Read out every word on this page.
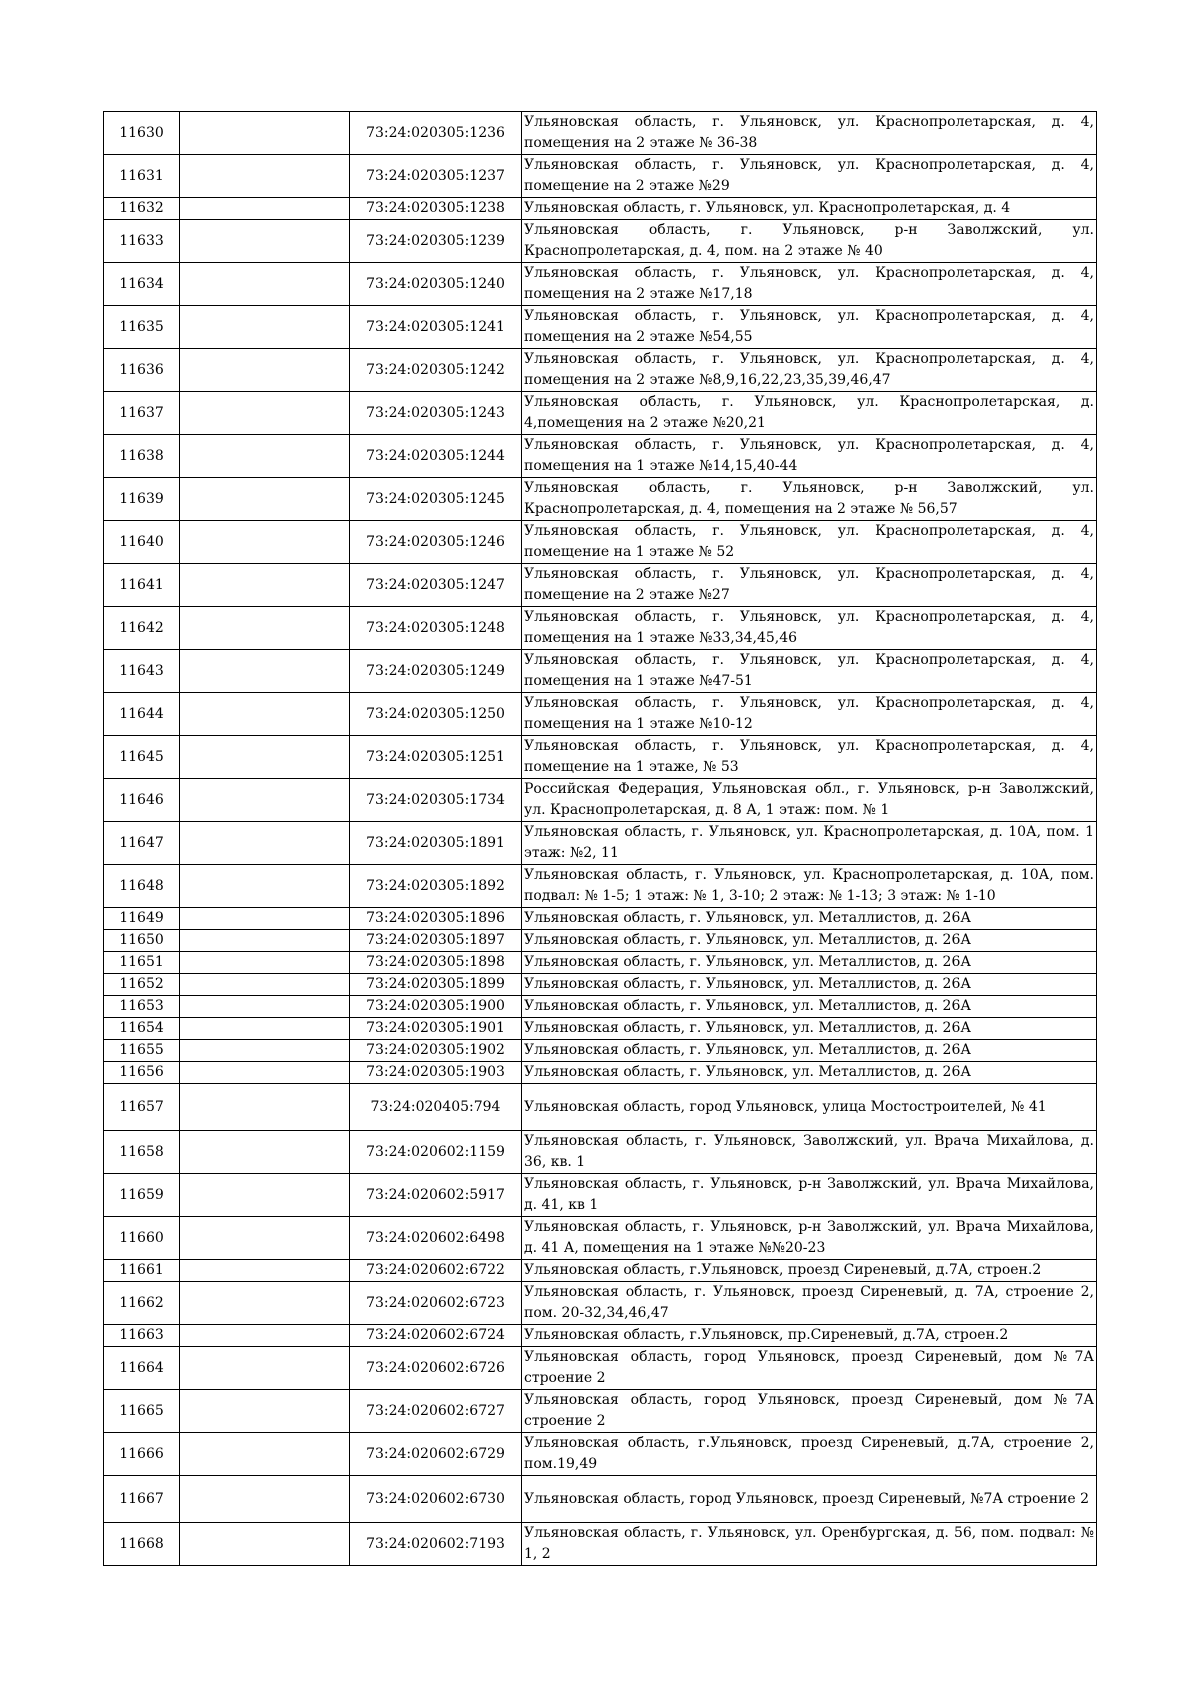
11630		73:24:020305:1236	Ульяновская область, г. Ульяновск, ул. Краснопролетарская, д. 4, помещения на 2 этаже № 36-38
11631		73:24:020305:1237	Ульяновская область, г. Ульяновск, ул. Краснопролетарская, д. 4, помещение на 2 этаже №29
11632		73:24:020305:1238	Ульяновская область, г. Ульяновск, ул. Краснопролетарская, д. 4
11633		73:24:020305:1239	Ульяновская область, г. Ульяновск, р-н Заволжский, ул. Краснопролетарская, д. 4, пом. на 2 этаже № 40
11634		73:24:020305:1240	Ульяновская область, г. Ульяновск, ул. Краснопролетарская, д. 4, помещения на 2 этаже №17,18
11635		73:24:020305:1241	Ульяновская область, г. Ульяновск, ул. Краснопролетарская, д. 4, помещения на 2 этаже №54,55
11636		73:24:020305:1242	Ульяновская область, г. Ульяновск, ул. Краснопролетарская, д. 4, помещения на 2 этаже №8,9,16,22,23,35,39,46,47
11637		73:24:020305:1243	Ульяновская область, г. Ульяновск, ул. Краснопролетарская, д. 4,помещения на 2 этаже №20,21
11638		73:24:020305:1244	Ульяновская область, г. Ульяновск, ул. Краснопролетарская, д. 4, помещения на 1 этаже №14,15,40-44
11639		73:24:020305:1245	Ульяновская область, г. Ульяновск, р-н Заволжский, ул. Краснопролетарская, д. 4, помещения на 2 этаже № 56,57
11640		73:24:020305:1246	Ульяновская область, г. Ульяновск, ул. Краснопролетарская, д. 4, помещение на 1 этаже № 52
11641		73:24:020305:1247	Ульяновская область, г. Ульяновск, ул. Краснопролетарская, д. 4, помещение на 2 этаже №27
11642		73:24:020305:1248	Ульяновская область, г. Ульяновск, ул. Краснопролетарская, д. 4, помещения на 1 этаже №33,34,45,46
11643		73:24:020305:1249	Ульяновская область, г. Ульяновск, ул. Краснопролетарская, д. 4, помещения на 1 этаже №47-51
11644		73:24:020305:1250	Ульяновская область, г. Ульяновск, ул. Краснопролетарская, д. 4, помещения на 1 этаже №10-12
11645		73:24:020305:1251	Ульяновская область, г. Ульяновск, ул. Краснопролетарская, д. 4, помещение на 1 этаже, № 53
11646		73:24:020305:1734	Российская Федерация, Ульяновская обл., г. Ульяновск, р-н Заволжский, ул. Краснопролетарская, д. 8 А, 1 этаж: пом. № 1
11647		73:24:020305:1891	Ульяновская область, г. Ульяновск, ул. Краснопролетарская, д. 10А, пом. 1 этаж: №2, 11
11648		73:24:020305:1892	Ульяновская область, г. Ульяновск, ул. Краснопролетарская, д. 10А, пом. подвал: № 1-5; 1 этаж: № 1, 3-10; 2 этаж: № 1-13; 3 этаж: № 1-10
11649		73:24:020305:1896	Ульяновская область, г. Ульяновск, ул. Металлистов, д. 26А
11650		73:24:020305:1897	Ульяновская область, г. Ульяновск, ул. Металлистов, д. 26А
11651		73:24:020305:1898	Ульяновская область, г. Ульяновск, ул. Металлистов, д. 26А
11652		73:24:020305:1899	Ульяновская область, г. Ульяновск, ул. Металлистов, д. 26А
11653		73:24:020305:1900	Ульяновская область, г. Ульяновск, ул. Металлистов, д. 26А
11654		73:24:020305:1901	Ульяновская область, г. Ульяновск, ул. Металлистов, д. 26А
11655		73:24:020305:1902	Ульяновская область, г. Ульяновск, ул. Металлистов, д. 26А
11656		73:24:020305:1903	Ульяновская область, г. Ульяновск, ул. Металлистов, д. 26А
11657		73:24:020405:794	Ульяновская область, город Ульяновск, улица Мостостроителей, № 41
11658		73:24:020602:1159	Ульяновская область, г. Ульяновск, Заволжский, ул. Врача Михайлова, д. 36, кв. 1
11659		73:24:020602:5917	Ульяновская область, г. Ульяновск, р-н Заволжский, ул. Врача Михайлова, д. 41, кв 1
11660		73:24:020602:6498	Ульяновская область, г. Ульяновск, р-н Заволжский, ул. Врача Михайлова, д. 41 А, помещения на 1 этаже №№20-23
11661		73:24:020602:6722	Ульяновская область, г.Ульяновск, проезд Сиреневый, д.7А, строен.2
11662		73:24:020602:6723	Ульяновская область, г. Ульяновск, проезд Сиреневый, д. 7А, строение 2, пом. 20-32,34,46,47
11663		73:24:020602:6724	Ульяновская область, г.Ульяновск, пр.Сиреневый, д.7А, строен.2
11664		73:24:020602:6726	Ульяновская область, город Ульяновск, проезд Сиреневый, дом №7А строение 2
11665		73:24:020602:6727	Ульяновская область, город Ульяновск, проезд Сиреневый, дом №7А строение 2
11666		73:24:020602:6729	Ульяновская область, г.Ульяновск, проезд Сиреневый, д.7А, строение 2, пом.19,49
11667		73:24:020602:6730	Ульяновская область, город Ульяновск, проезд Сиреневый, №7А строение 2
11668		73:24:020602:7193	Ульяновская область, г. Ульяновск, ул. Оренбургская, д. 56, пом. подвал: № 1, 2
